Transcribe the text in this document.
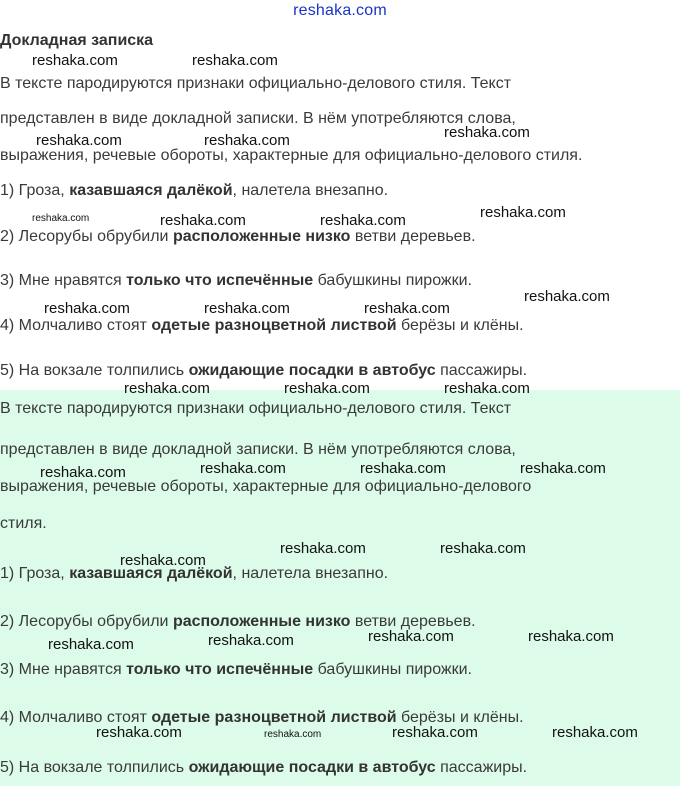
reshaka.com
Докладная записка
В тексте пародируются признаки официально-делового стиля. Текст
представлен в виде докладной записки. В нём употребляются слова,
выражения, речевые обороты, характерные для официально-делового стиля.
1) Гроза, казавшаяся далёкой, налетела внезапно.
2) Лесорубы обрубили расположенные низко ветви деревьев.
3) Мне нравятся только что испечённые бабушкины пирожки.
4) Молчаливо стоят одетые разноцветной листвой берёзы и клёны.
5) На вокзале толпились ожидающие посадки в автобус пассажиры.
В тексте пародируются признаки официально-делового стиля. Текст
представлен в виде докладной записки. В нём употребляются слова,
выражения, речевые обороты, характерные для официально-делового
стиля.
1) Гроза, казавшаяся далёкой, налетела внезапно.
2) Лесорубы обрубили расположенные низко ветви деревьев.
3) Мне нравятся только что испечённые бабушкины пирожки.
4) Молчаливо стоят одетые разноцветной листвой берёзы и клёны.
5) На вокзале толпились ожидающие посадки в автобус пассажиры.
reshaka.com	reshaka.com
reshaka.com	reshaka.com	reshaka.com
reshaka.com	reshaka.com	reshaka.com	reshaka.com
reshaka.com
reshaka.com	reshaka.com	reshaka.com
reshaka.com	reshaka.com	reshaka.com
reshaka.com	reshaka.com	reshaka.com	reshaka.com
reshaka.com
reshaka.com	reshaka.com
reshaka.com	reshaka.com	reshaka.com	reshaka.com
reshaka.com	reshaka.com	reshaka.com	reshaka.com
